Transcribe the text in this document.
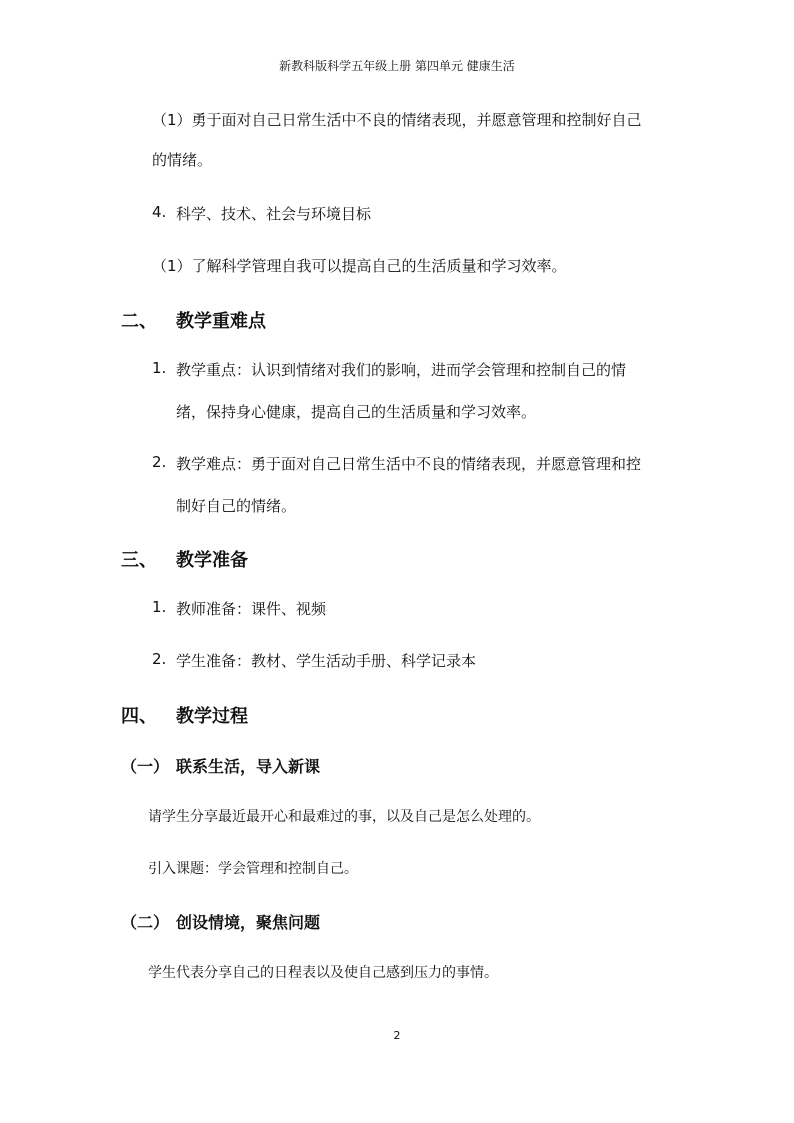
新教科版科学五年级上册 第四单元 健康生活
（1）勇于面对自己日常生活中不良的情绪表现，并愿意管理和控制好自己
的情绪。
4. 科学、技术、社会与环境目标
（1）了解科学管理自我可以提高自己的生活质量和学习效率。
二、 教学重难点
1. 教学重点：认识到情绪对我们的影响，进而学会管理和控制自己的情
绪，保持身心健康，提高自己的生活质量和学习效率。
2. 教学难点：勇于面对自己日常生活中不良的情绪表现，并愿意管理和控
制好自己的情绪。
三、 教学准备
1. 教师准备：课件、视频
2. 学生准备：教材、学生活动手册、科学记录本
四、 教学过程
（一） 联系生活，导入新课
请学生分享最近最开心和最难过的事，以及自己是怎么处理的。
引入课题：学会管理和控制自己。
（二） 创设情境，聚焦问题
学生代表分享自己的日程表以及使自己感到压力的事情。
2
